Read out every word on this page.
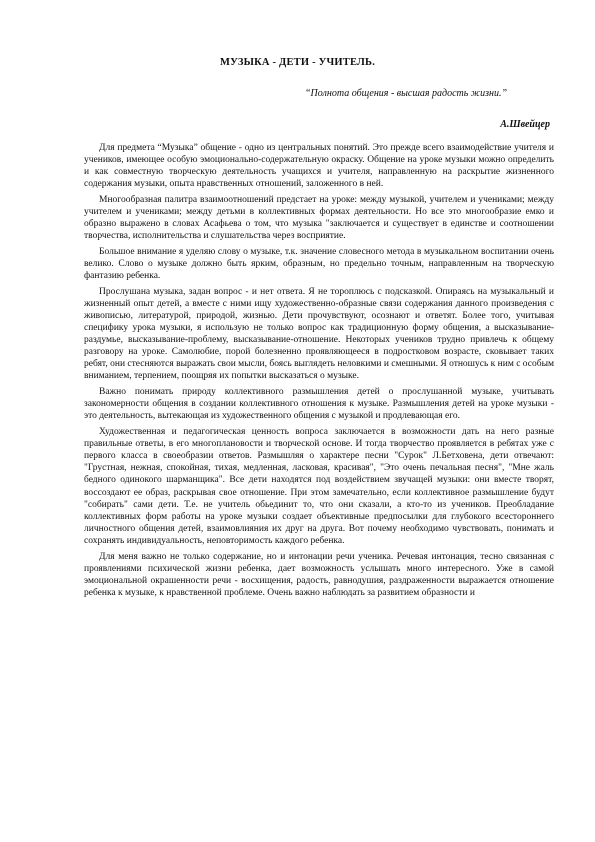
МУЗЫКА - ДЕТИ - УЧИТЕЛЬ.
“Полнота общения - высшая радость жизни.”
А.Швейцер

Для предмета “Музыка” общение - одно из центральных понятий. Это прежде всего взаимодействие учителя и учеников, имеющее особую эмоционально-содержательную окраску. Общение на уроке музыки можно определить и как совместную творческую деятельность учащихся и учителя, направленную на раскрытие жизненного содержания музыки, опыта нравственных отношений, заложенного в ней.

Многообразная палитра взаимоотношений предстает на уроке: между музыкой, учителем и учениками; между учителем и учениками; между детьми в коллективных формах деятельности. Но все это многообразие емко и образно выражено в словах Асафьева о том, что музыка "заключается и существует в единстве и соотношении творчества, исполнительства и слушательства через восприятие.

Большое внимание я уделяю слову о музыке, т.к. значение словесного метода в музыкальном воспитании очень велико. Слово о музыке должно быть ярким, образным, но предельно точным, направленным на творческую фантазию ребенка.

Прослушана музыка, задан вопрос - и нет ответа. Я не тороплюсь с подсказкой. Опираясь на музыкальный и жизненный опыт детей, а вместе с ними ищу художественно-образные связи содержания данного произведения с живописью, литературой, природой, жизнью. Дети прочувствуют, осознают и ответят. Более того, учитывая специфику урока музыки, я использую не только вопрос как традиционную форму общения, а высказывание-раздумье, высказывание-проблему, высказывание-отношение. Некоторых учеников трудно привлечь к общему разговору на уроке. Самолюбие, порой болезненно проявляющееся в подростковом возрасте, сковывает таких ребят, они стесняются выражать свои мысли, боясь выглядеть неловкими и смешными. Я отношусь к ним с особым вниманием, терпением, поощряя их попытки высказаться о музыке.

Важно понимать природу коллективного размышления детей о прослушанной музыке, учитывать закономерности общения в создании коллективного отношения к музыке. Размышления детей на уроке музыки - это деятельность, вытекающая из художественного общения с музыкой и продлевающая его.

Художественная и педагогическая ценность вопроса заключается в возможности дать на него разные правильные ответы, в его многоплановости и творческой основе. И тогда творчество проявляется в ребятах уже с первого класса в своеобразии ответов. Размышляя о характере песни "Сурок" Л.Бетховена, дети отвечают: "Грустная, нежная, спокойная, тихая, медленная, ласковая, красивая", "Это очень печальная песня", "Мне жаль бедного одинокого шарманщика". Все дети находятся под воздействием звучащей музыки: они вместе творят, воссоздают ее образ, раскрывая свое отношение. При этом замечательно, если коллективное размышление будут "собирать" сами дети. Т.е. не учитель обьединит то, что они сказали, а кто-то из учеников. Преобладание коллективных форм работы на уроке музыки создает объективные предпосылки для глубокого всестороннего личностного общения детей, взаимовлияния их друг на друга. Вот почему необходимо чувствовать, понимать и сохранять индивидуальность, неповторимость каждого ребенка.

Для меня важно не только содержание, но и интонации речи ученика. Речевая интонация, тесно связанная с проявлениями психической жизни ребенка, дает возможность услышать много интересного. Уже в самой эмоциональной окрашенности речи - восхищения, радость, равнодушия, раздраженности выражается отношение ребенка к музыке, к нравственной проблеме. Очень важно наблюдать за развитием образности и
